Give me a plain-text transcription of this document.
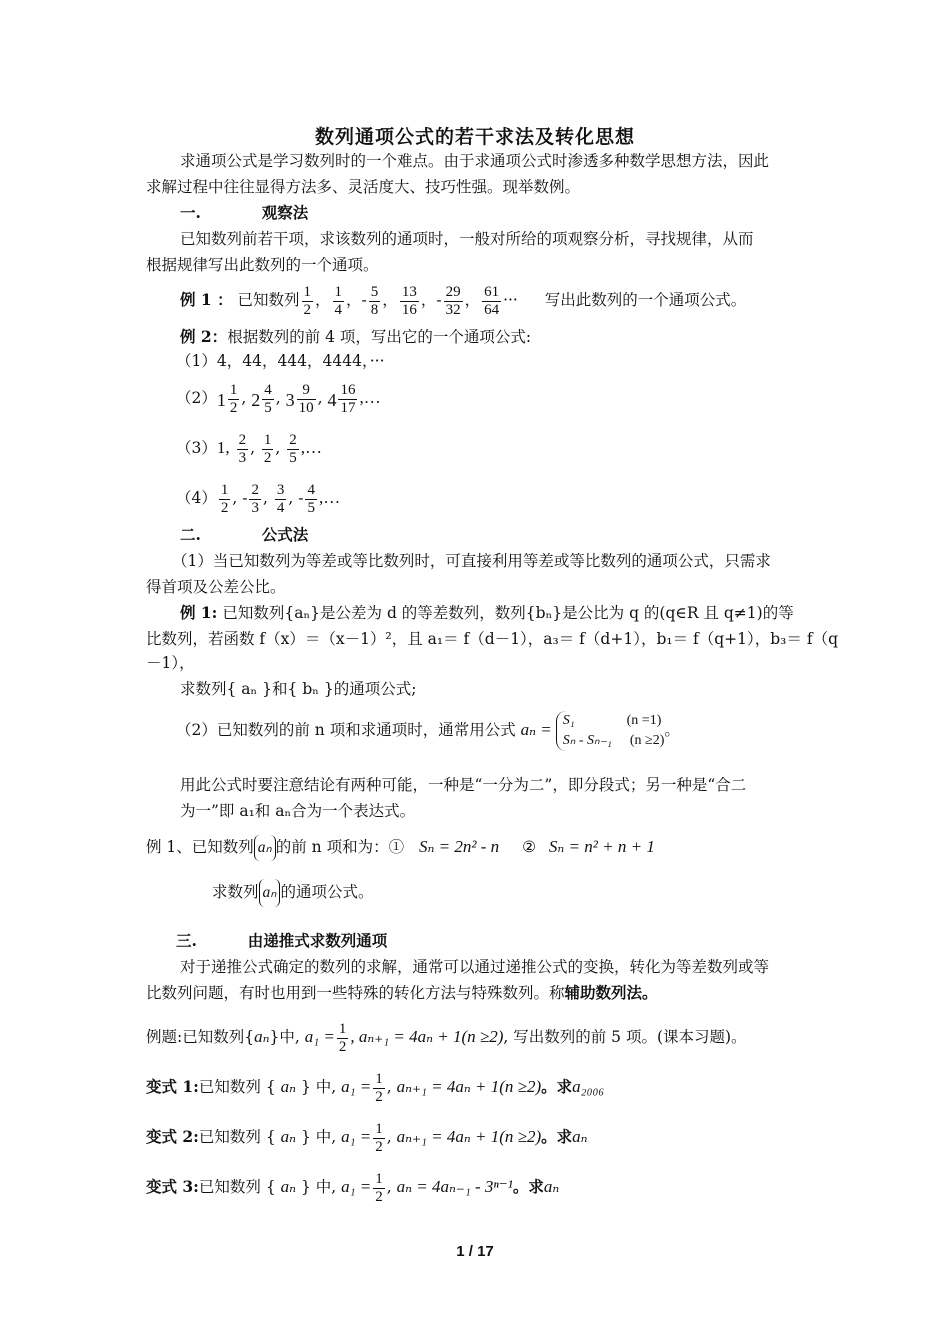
数列通项公式的若干求法及转化思想
求通项公式是学习数列时的一个难点。由于求通项公式时渗透多种数学思想方法，因此
求解过程中往往显得方法多、灵活度大、技巧性强。现举数例。
一.	观察法
已知数列前若干项，求该数列的通项时，一般对所给的项观察分析，寻找规律，从而
根据规律写出此数列的一个通项。
例 1 ： 已知数列 $\frac{1}{2}$ ， $\frac{1}{4}$ ，- $\frac{5}{8}$ ， $\frac{13}{16}$ ，- $\frac{29}{32}$ ， $\frac{61}{64}$ ··· 写出此数列的一个通项公式。
例 2：根据数列的前 4 项，写出它的一个通项公式:
（1）4，44，444，4444，···
$(2)1 \frac{1}{2}$ , $2 \frac{4}{5}$ , $3 \frac{9}{10}$ , $4 \frac{16}{17}$ ,…
（3）1, $\frac{2}{3}$ , $\frac{1}{2}$ , $\frac{2}{5}$ ,…
$(4) \frac{1}{2}$ , - $\frac{2}{3}$ , $\frac{3}{4}$ , - $\frac{4}{5}$ ,…
二.	公式法
（1）当已知数列为等差或等比数列时，可直接利用等差或等比数列的通项公式，只需求
得首项及公差公比。
例 1: 已知数列{aₙ}是公差为 d 的等差数列，数列{bₙ}是公比为 q 的(q∈R 且 q≠1)的等
比数列，若函数 f（x）＝（x－1）²，且 a₁＝ f（d－1），a₃＝ f（d+1），b₁＝ f（q+1），b₃＝ f（q
－1），
求数列{ aₙ }和{ bₙ }的通项公式;
（2）已知数列的前 n 项和求通项时，通常用公式 aₙ = S₁	(n =1)
Sₙ - Sₙ₋₁ (n ≥2)
。
用此公式时要注意结论有两种可能，一种是“一分为二”，即分段式；另一种是“合二
为一”即 a₁和 aₙ合为一个表达式。
例 1、已知数列 aₙ 的前 n 项和为：① Sₙ = 2n² - n ② Sₙ = n² + n + 1
求数列 aₙ 的通项公式。
三.	由递推式求数列通项
对于递推公式确定的数列的求解，通常可以通过递推公式的变换，转化为等差数列或等
比数列问题，有时也用到一些特殊的转化方法与特殊数列。称辅助数列法。
例题:已知数列{aₙ}中, $a_1 = \frac{1}{2}$ , aₙ₊₁ = 4aₙ + 1(n ≥2), 写出数列的前 5 项。(课本习题)。
变式 1:已知数列 { aₙ } 中, $a_1 = \frac{1}{2}$ , aₙ₊₁ = 4aₙ + 1(n ≥2)。求a₂₀₀₆
变式 2:已知数列 { aₙ } 中, $a_1 = \frac{1}{2}$ , aₙ₊₁ = 4aₙ + 1(n ≥2)。求aₙ
变式 3:已知数列 { aₙ } 中, $a_1 = \frac{1}{2}$ , aₙ = 4aₙ₋₁ - 3ⁿ⁻¹。求aₙ
1 / 17
